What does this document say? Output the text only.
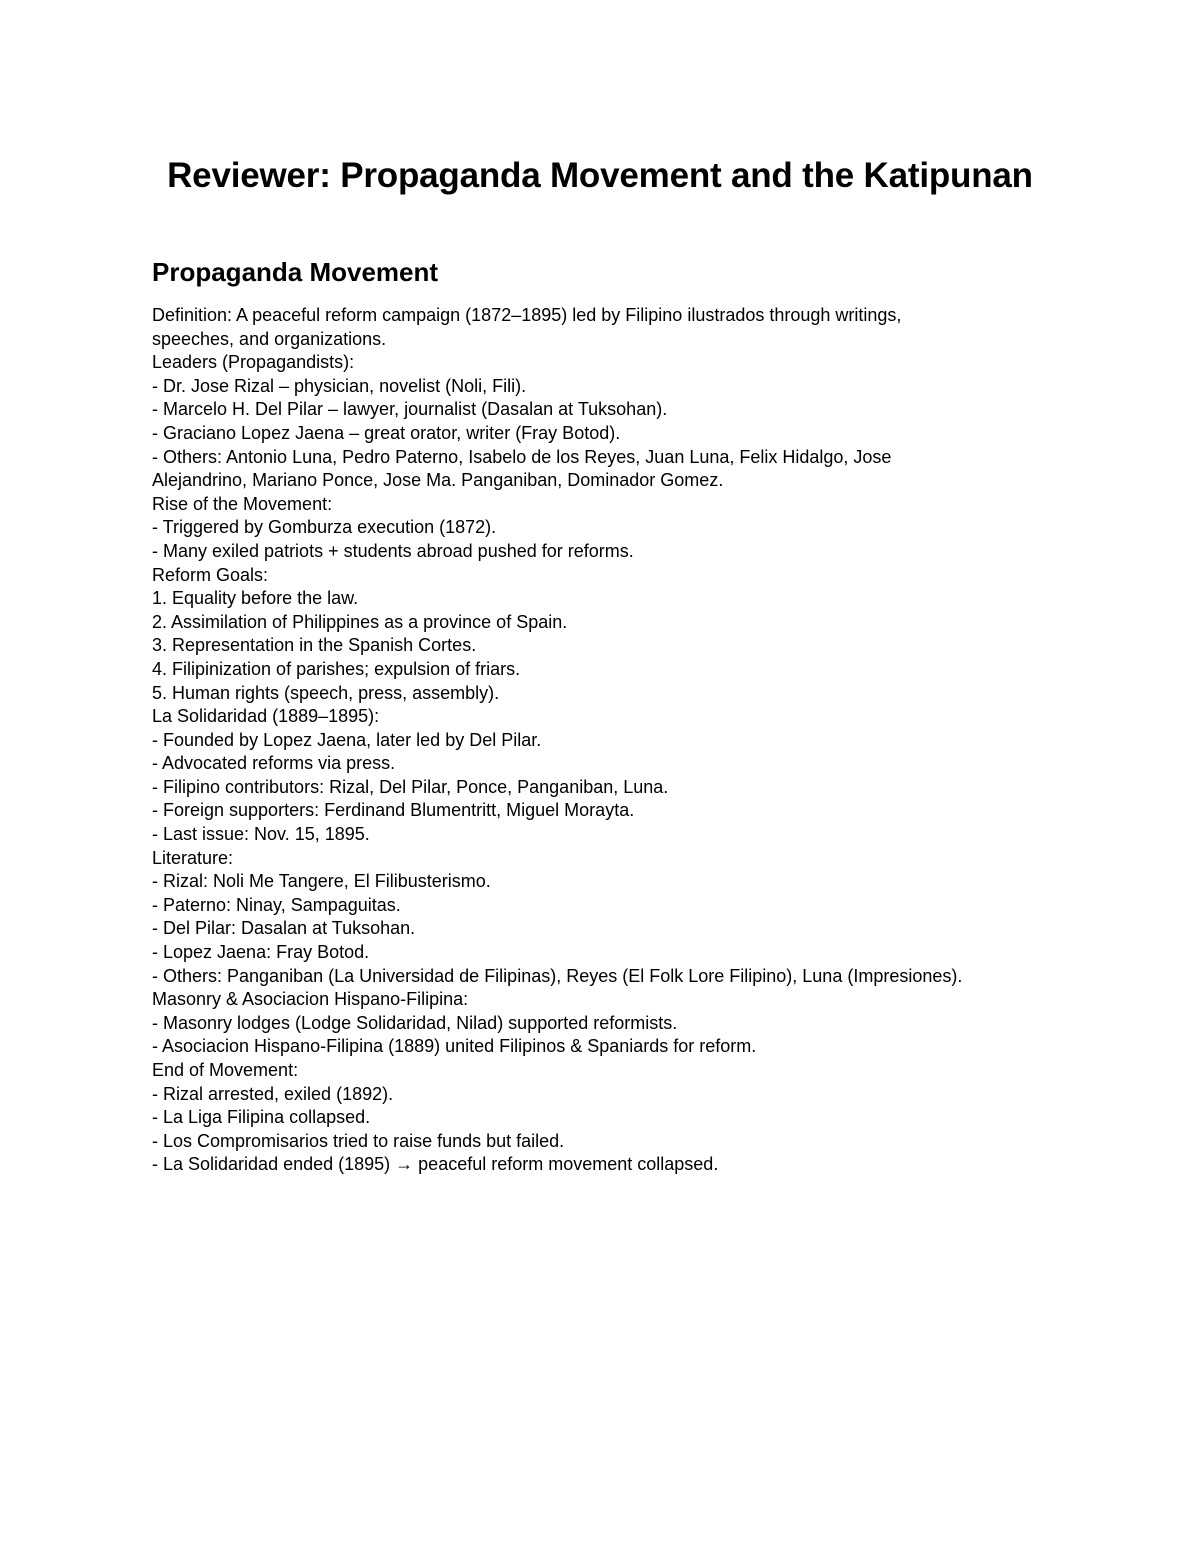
Reviewer: Propaganda Movement and the Katipunan
Propaganda Movement

Definition: A peaceful reform campaign (1872–1895) led by Filipino ilustrados through writings,
speeches, and organizations.

Leaders (Propagandists):
- Dr. Jose Rizal – physician, novelist (Noli, Fili).
- Marcelo H. Del Pilar – lawyer, journalist (Dasalan at Tuksohan).
- Graciano Lopez Jaena – great orator, writer (Fray Botod).
- Others: Antonio Luna, Pedro Paterno, Isabelo de los Reyes, Juan Luna, Felix Hidalgo, Jose
Alejandrino, Mariano Ponce, Jose Ma. Panganiban, Dominador Gomez.

Rise of the Movement:
- Triggered by Gomburza execution (1872).
- Many exiled patriots + students abroad pushed for reforms.

Reform Goals:
1. Equality before the law.
2. Assimilation of Philippines as a province of Spain.
3. Representation in the Spanish Cortes.
4. Filipinization of parishes; expulsion of friars.
5. Human rights (speech, press, assembly).

La Solidaridad (1889–1895):
- Founded by Lopez Jaena, later led by Del Pilar.
- Advocated reforms via press.
- Filipino contributors: Rizal, Del Pilar, Ponce, Panganiban, Luna.
- Foreign supporters: Ferdinand Blumentritt, Miguel Morayta.
- Last issue: Nov. 15, 1895.

Literature:
- Rizal: Noli Me Tangere, El Filibusterismo.
- Paterno: Ninay, Sampaguitas.
- Del Pilar: Dasalan at Tuksohan.
- Lopez Jaena: Fray Botod.
- Others: Panganiban (La Universidad de Filipinas), Reyes (El Folk Lore Filipino), Luna (Impresiones).

Masonry & Asociacion Hispano-Filipina:
- Masonry lodges (Lodge Solidaridad, Nilad) supported reformists.
- Asociacion Hispano-Filipina (1889) united Filipinos & Spaniards for reform.

End of Movement:
- Rizal arrested, exiled (1892).
- La Liga Filipina collapsed.
- Los Compromisarios tried to raise funds but failed.
- La Solidaridad ended (1895) → peaceful reform movement collapsed.
